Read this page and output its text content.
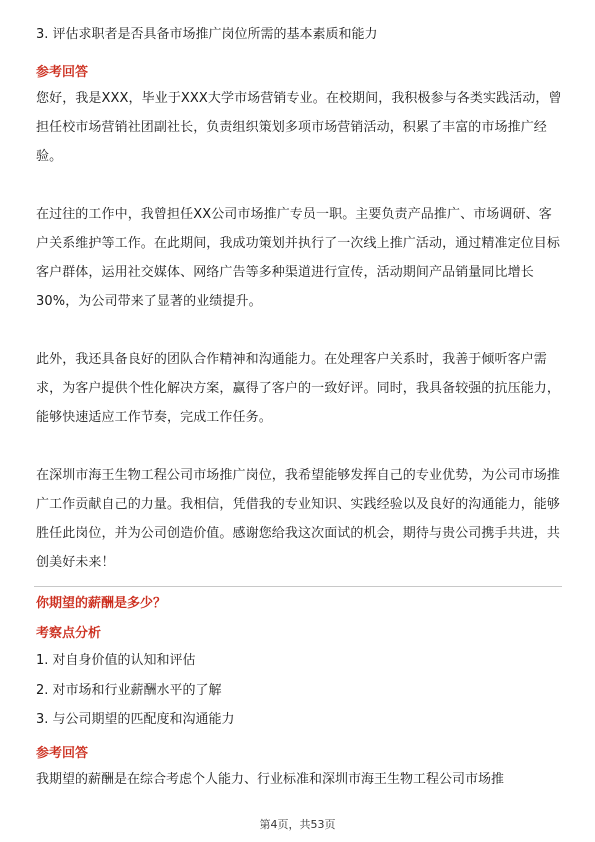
3. 评估求职者是否具备市场推广岗位所需的基本素质和能力
参考回答
您好，我是XXX，毕业于XXX大学市场营销专业。在校期间，我积极参与各类实践活动，曾担任校市场营销社团副社长，负责组织策划多项市场营销活动，积累了丰富的市场推广经验。
在过往的工作中，我曾担任XX公司市场推广专员一职。主要负责产品推广、市场调研、客户关系维护等工作。在此期间，我成功策划并执行了一次线上推广活动，通过精准定位目标客户群体，运用社交媒体、网络广告等多种渠道进行宣传，活动期间产品销量同比增长30%，为公司带来了显著的业绩提升。
此外，我还具备良好的团队合作精神和沟通能力。在处理客户关系时，我善于倾听客户需求，为客户提供个性化解决方案，赢得了客户的一致好评。同时，我具备较强的抗压能力，能够快速适应工作节奏，完成工作任务。
在深圳市海王生物工程公司市场推广岗位，我希望能够发挥自己的专业优势，为公司市场推广工作贡献自己的力量。我相信，凭借我的专业知识、实践经验以及良好的沟通能力，能够胜任此岗位，并为公司创造价值。感谢您给我这次面试的机会，期待与贵公司携手共进，共创美好未来！
你期望的薪酬是多少？
考察点分析
1. 对自身价值的认知和评估
2. 对市场和行业薪酬水平的了解
3. 与公司期望的匹配度和沟通能力
参考回答
我期望的薪酬是在综合考虑个人能力、行业标准和深圳市海王生物工程公司市场推
第4页，共53页
